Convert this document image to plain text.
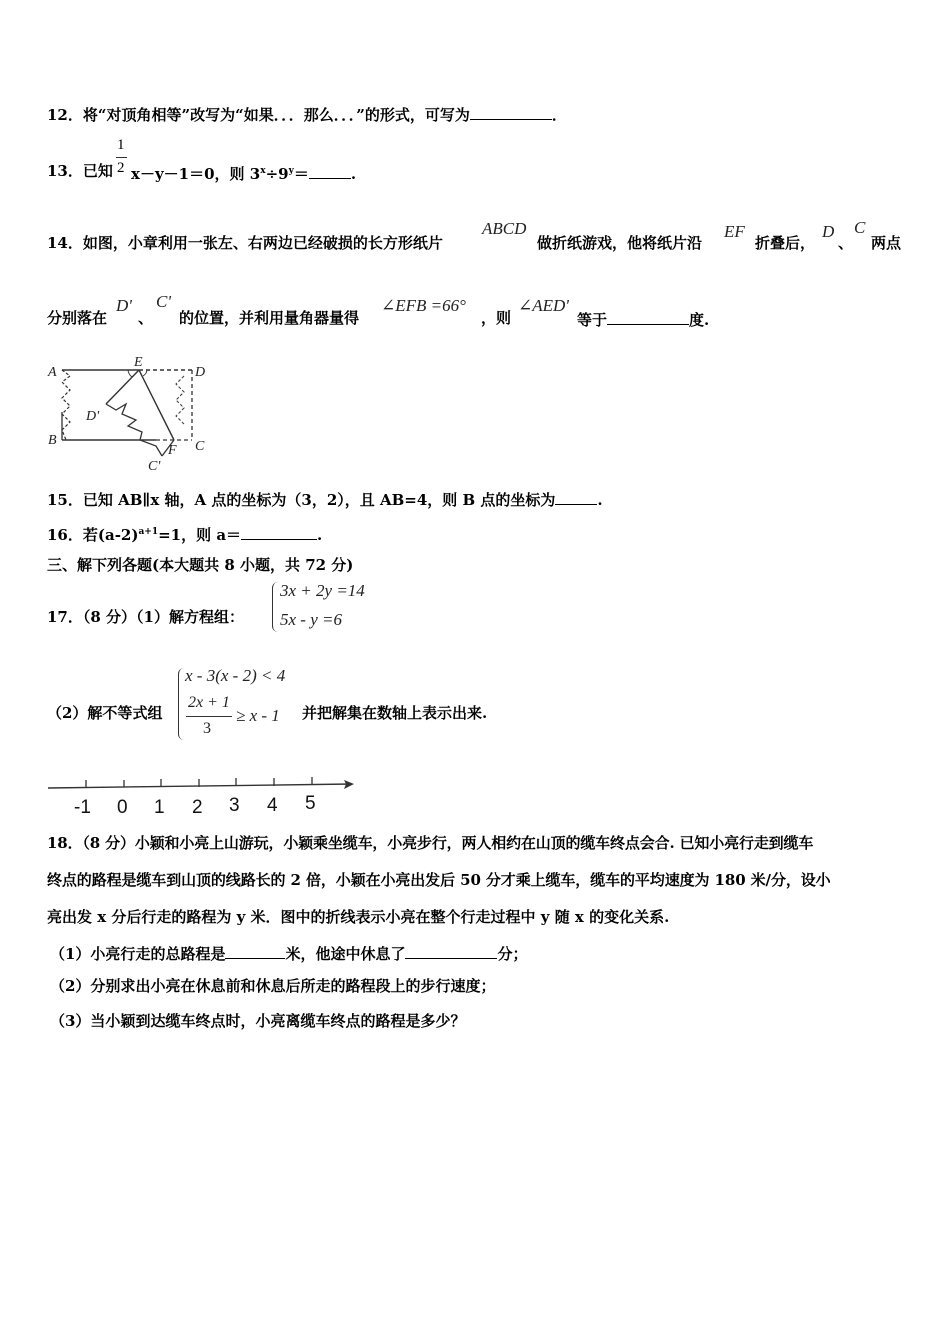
12．将“对顶角相等”改写为“如果．．．那么．．．”的形式，可写为	．
13．已知
1
2 x－y－1＝0，则 $3^x\div 9^y=$	.
14．如图，小章利用一张左、右两边已经破损的长方形纸片
ABCD
做折纸游戏，他将纸片沿
EF
折叠后，
D
、
C
两点
分别落在
D'
、
C'
的位置，并利用量角器量得
∠EFB =66°
，则
∠AED'
等于	度.
A
B
E
D
D'
F C
C'
15．已知 AB∥x 轴，A 点的坐标为（3，2），且 AB=4，则 B 点的坐标为	.
16．若$(a-2)^{a+1}=1$，则 a＝	.
三、解下列各题(本大题共 8 小题，共 72 分)
17．（8 分）（1）解方程组：
3x + 2y =14
5x - y =6
（2）解不等式组
x - 3(x - 2) < 4
2x + 1
3
≥ x - 1 并把解集在数轴上表示出来.
-1 0 1 2 3 4 5
18．（8 分）小颖和小亮上山游玩，小颖乘坐缆车，小亮步行，两人相约在山顶的缆车终点会合. 已知小亮行走到缆车
终点的路程是缆车到山顶的线路长的 2 倍，小颖在小亮出发后 50 分才乘上缆车，缆车的平均速度为 180 米/分，设小
亮出发 x 分后行走的路程为 y 米．图中的折线表示小亮在整个行走过程中 y 随 x 的变化关系.
（1）小亮行走的总路程是	米，他途中休息了	分；
（2）分别求出小亮在休息前和休息后所走的路程段上的步行速度；
（3）当小颖到达缆车终点时，小亮离缆车终点的路程是多少？
